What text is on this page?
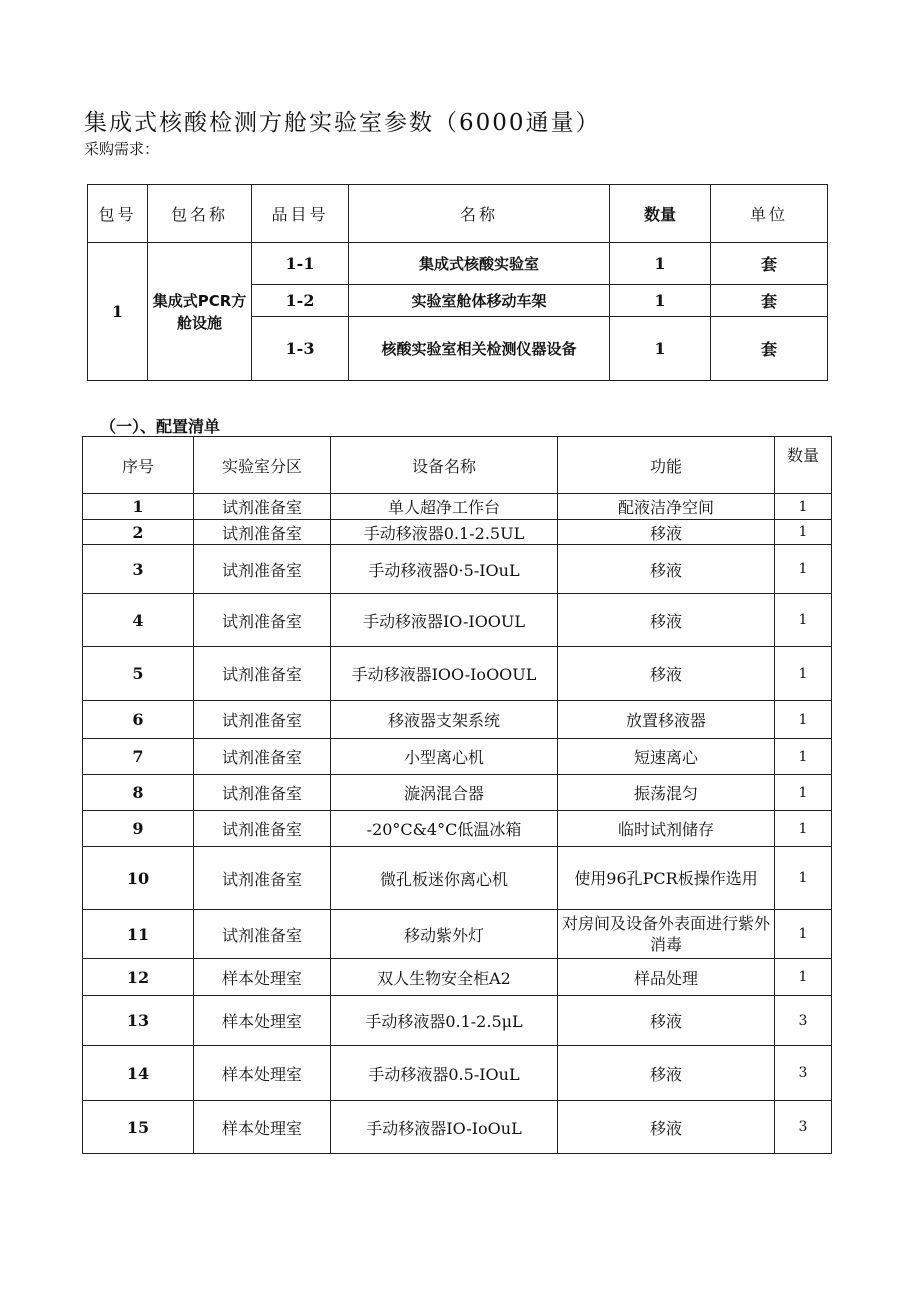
集成式核酸检测方舱实验室参数（6000通量）
采购需求：
包号	包名称	品目号	名称	数量	单位
1	集成式PCR方舱设施	1-1	集成式核酸实验室	1	套
		1-2	实验室舱体移动车架	1	套
		1-3	核酸实验室相关检测仪器设备	1	套
（一）、配置清单
序号	实验室分区	设备名称	功能	数量
1	试剂准备室	单人超净工作台	配液洁净空间	1
2	试剂准备室	手动移液器0.1-2.5UL	移液	1
3	试剂准备室	手动移液器0·5-IOuL	移液	1
4	试剂准备室	手动移液器IO-IOOUL	移液	1
5	试剂准备室	手动移液器IOO-IoOOUL	移液	1
6	试剂准备室	移液器支架系统	放置移液器	1
7	试剂准备室	小型离心机	短速离心	1
8	试剂准备室	漩涡混合器	振荡混匀	1
9	试剂准备室	-20°C&4°C低温冰箱	临时试剂储存	1
10	试剂准备室	微孔板迷你离心机	使用96孔PCR板操作选用	1
11	试剂准备室	移动紫外灯	对房间及设备外表面进行紫外消毒	1
12	样本处理室	双人生物安全柜A2	样品处理	1
13	样本处理室	手动移液器0.1-2.5μL	移液	3
14	样本处理室	手动移液器0.5-IOuL	移液	3
15	样本处理室	手动移液器IO-IoOuL	移液	3
